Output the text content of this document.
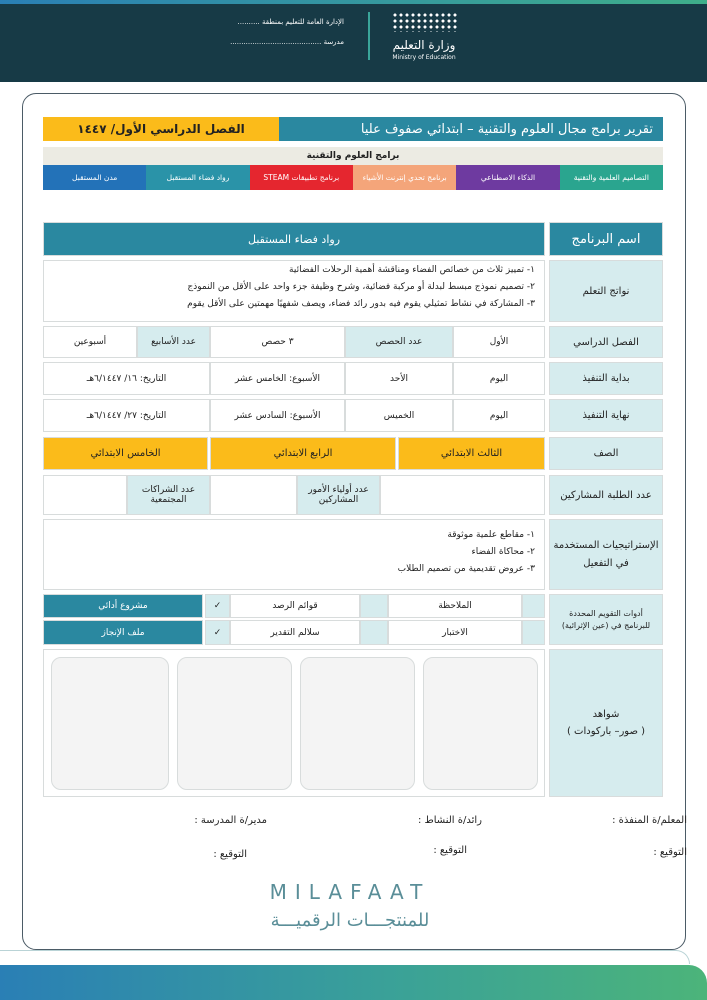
وزارة التعليم
Ministry of Education
الإدارة العامة للتعليم بمنطقة ..........
مدرسة .........................................
تقرير برامج مجال العلوم والتقنية – ابتدائي صفوف عليا
الفصل الدراسي الأول/ ١٤٤٧
برامج العلوم والتقنية
التصاميم العلمية والتقنية
الذكاء الاصطناعي
برنامج تحدي إنترنت الأشياء
برنامج تطبيقات STEAM
رواد فضاء المستقبل
مدن المستقبل
اسم البرنامج
رواد فضاء المستقبل
نواتج التعلم
١- تمييز ثلاث من خصائص الفضاء ومناقشة أهمية الرحلات الفضائية
٢- تصميم نموذج مبسط لبدلة أو مركبة فضائية، وشرح وظيفة جزء واحد على الأقل من النموذج
٣- المشاركة في نشاط تمثيلي يقوم فيه بدور رائد فضاء، ويصف شفهيًا مهمتين على الأقل يقوم
الفصل الدراسي
الأول
عدد الحصص
٣ حصص
عدد الأسابيع
أسبوعين
بداية التنفيذ
اليوم
الأحد
الأسبوع: الخامس عشر
التاريخ: ١٦/ ٦/١٤٤٧هـ
نهاية التنفيذ
اليوم
الخميس
الأسبوع: السادس عشر
التاريخ: ٢٧/ ٦/١٤٤٧هـ
الصف
الثالث الابتدائي
الرابع الابتدائي
الخامس الابتدائي
عدد الطلبة المشاركين
عدد أولياء الأمور المشاركين
عدد الشراكات المجتمعية
الإستراتيجيات المستخدمة في التفعيل
١- مقاطع علمية موثوقة
٢- محاكاة الفضاء
٣- عروض تقديمية من تصميم الطلاب
أدوات التقويم المحددة للبرنامج في (عين الإثرائية)
الملاحظة
قوائم الرصد
✓
مشروع أدائي
الاختبار
سلالم التقدير
✓
ملف الإنجاز
شواهد
( صور– باركودات )
المعلم/ة المنفذة :
رائد/ة النشاط :
مدير/ة المدرسة :
التوقيع :
التوقيع :
التوقيع :
MILAFAAT
للمنتجـــات الرقميـــة
